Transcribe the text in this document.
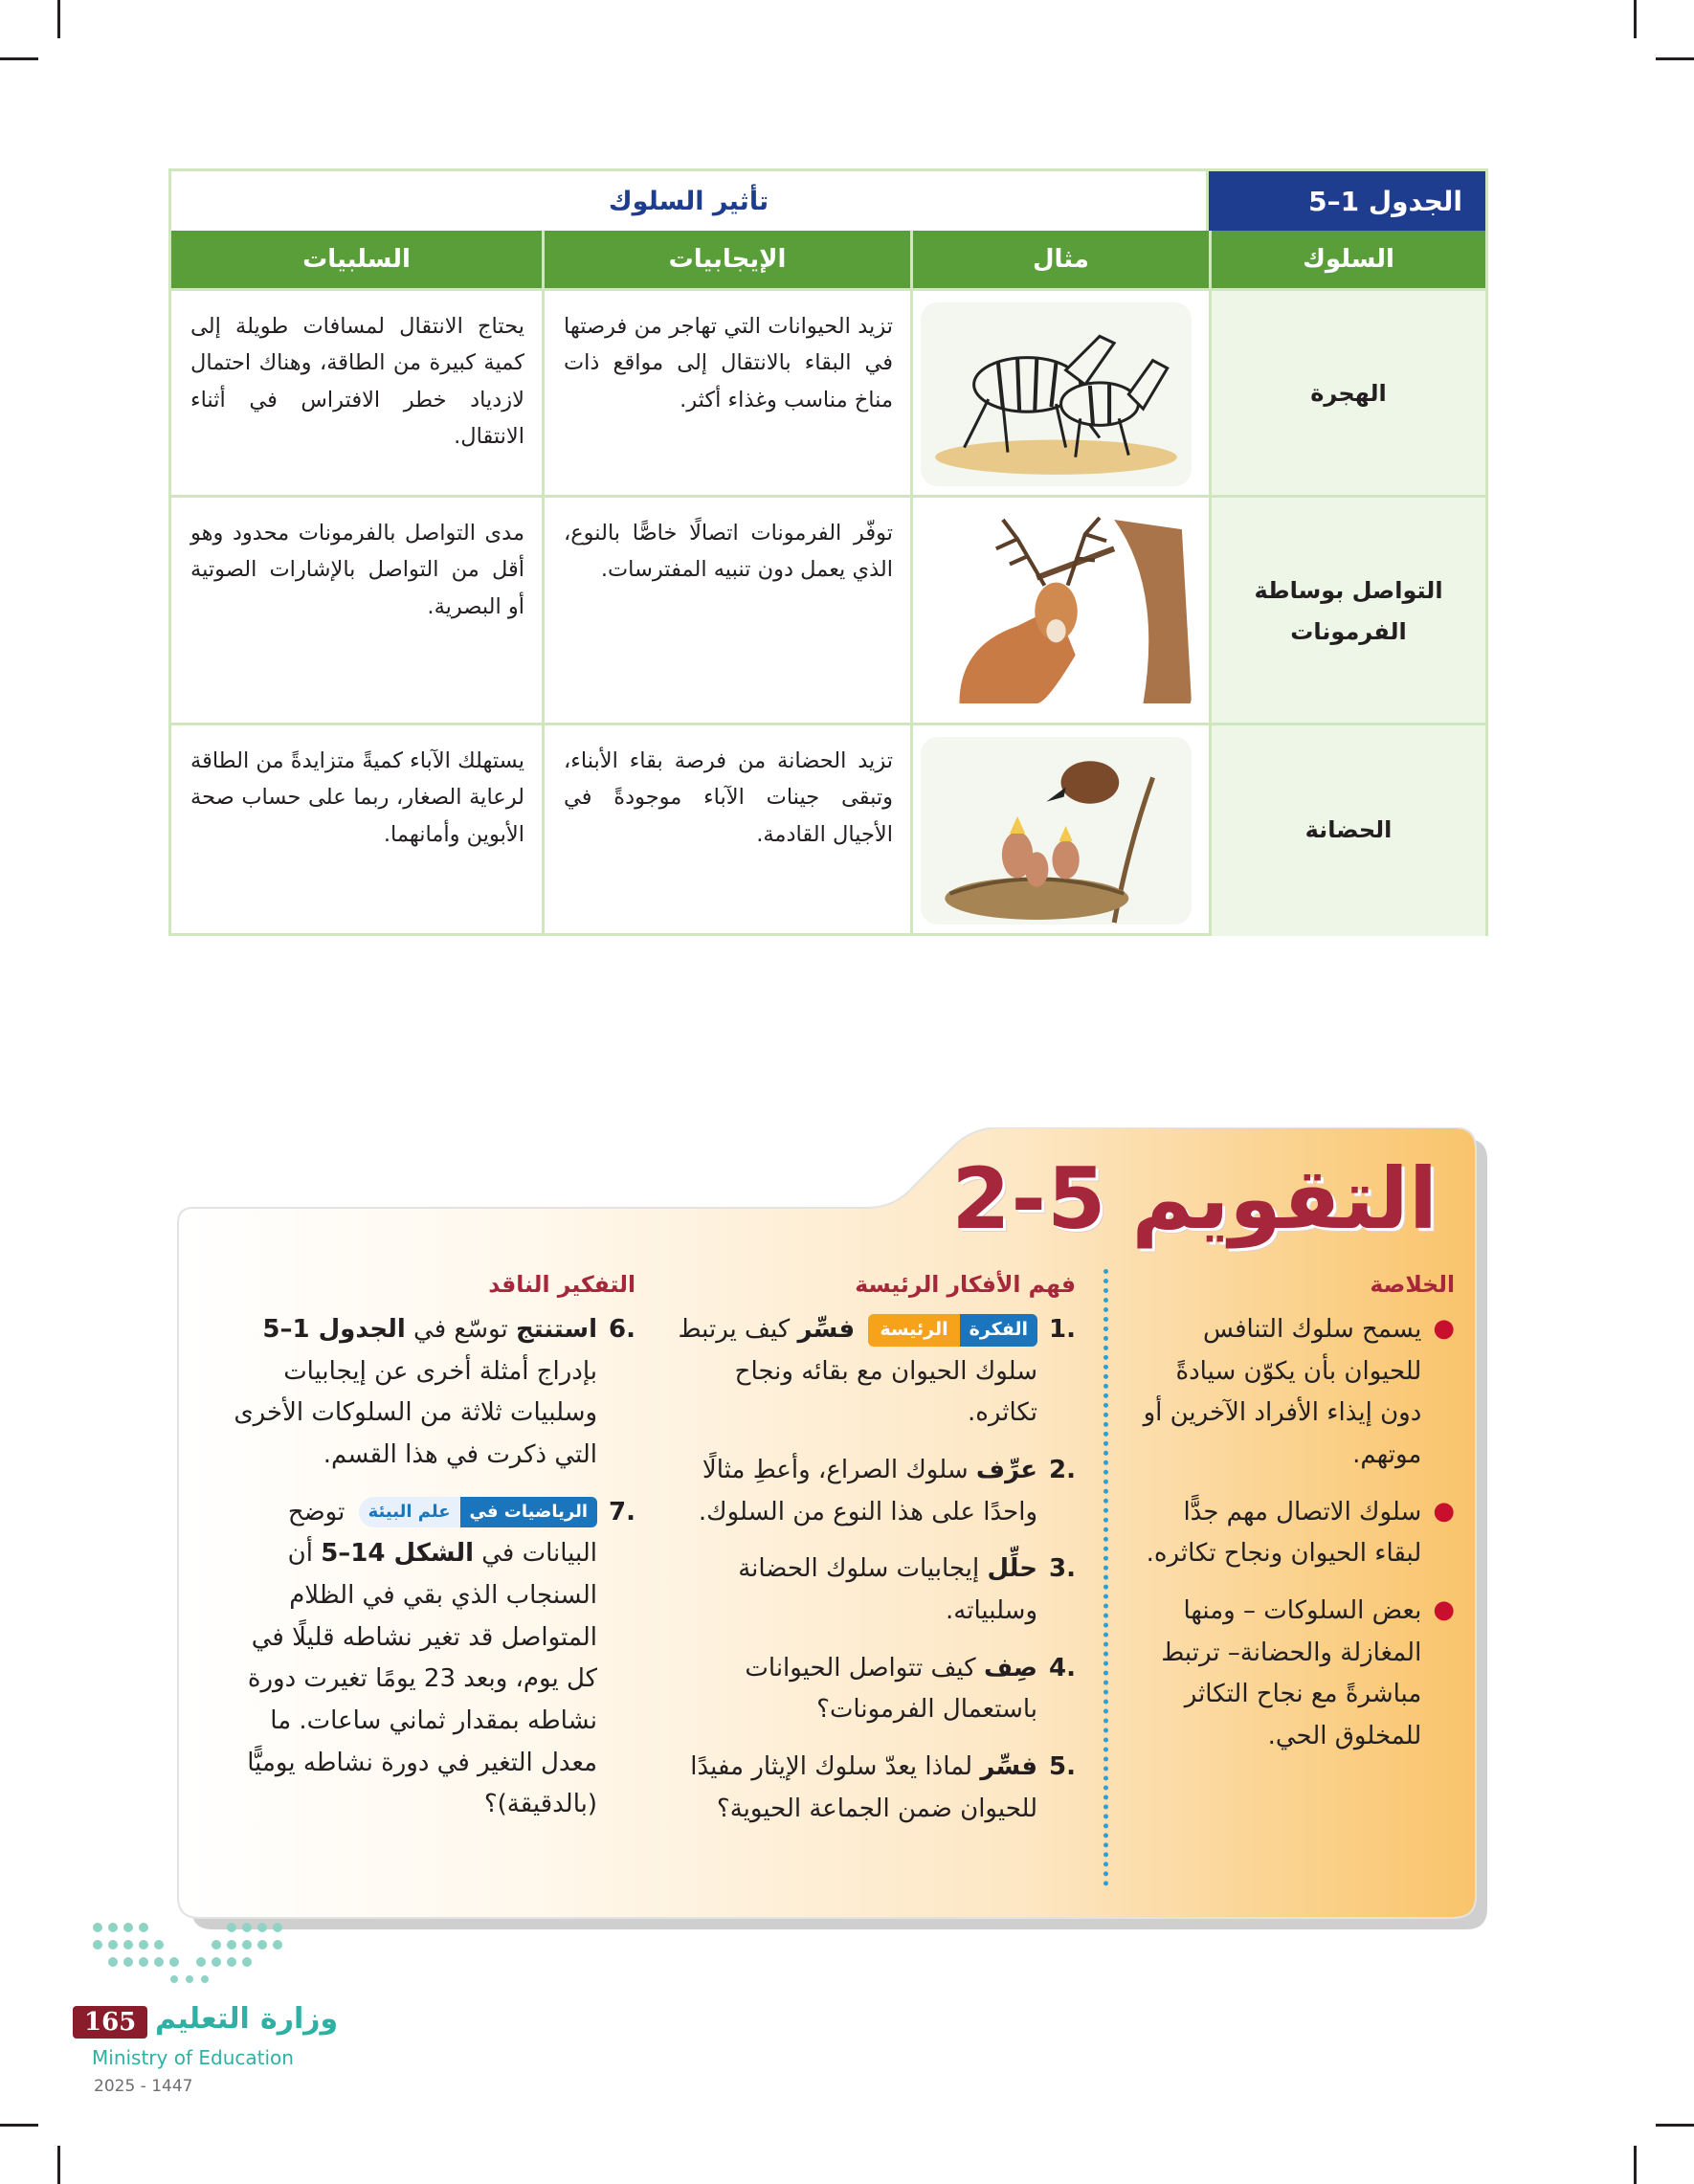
الجدول 1–5
تأثير السلوك
السلوك
مثال
الإيجابيات
السلبيات
الهجرة
تزيد الحيوانات التي تهاجر من فرصتها في البقاء بالانتقال إلى مواقع ذات مناخ مناسب وغذاء أكثر.
يحتاج الانتقال لمسافات طويلة إلى كمية كبيرة من الطاقة، وهناك احتمال لازدياد خطر الافتراس في أثناء الانتقال.
التواصل بوساطة الفرمونات
توفّر الفرمونات اتصالًا خاصًّا بالنوع، الذي يعمل دون تنبيه المفترسات.
مدى التواصل بالفرمونات محدود وهو أقل من التواصل بالإشارات الصوتية أو البصرية.
الحضانة
تزيد الحضانة من فرصة بقاء الأبناء، وتبقى جينات الآباء موجودةً في الأجيال القادمة.
يستهلك الآباء كميةً متزايدةً من الطاقة لرعاية الصغار، ربما على حساب صحة الأبوين وأمانهما.
التقويم
2-5
الخلاصة
●
يسمح سلوك التنافس للحيوان بأن يكوّن سيادةً دون إيذاء الأفراد الآخرين أو موتهم.
●
سلوك الاتصال مهم جدًّا لبقاء الحيوان ونجاح تكاثره.
●
بعض السلوكات – ومنها المغازلة والحضانة– ترتبط مباشرةً مع نجاح التكاثر للمخلوق الحي.
فهم الأفكار الرئيسة
1.
الفكرة
الرئيسة
فسِّر كيف يرتبط سلوك الحيوان مع بقائه ونجاح تكاثره.
2.
عرِّف سلوك الصراع، وأعطِ مثالًا واحدًا على هذا النوع من السلوك.
3.
حلِّل إيجابيات سلوك الحضانة وسلبياته.
4.
صِف كيف تتواصل الحيوانات باستعمال الفرمونات؟
5.
فسِّر لماذا يعدّ سلوك الإيثار مفيدًا للحيوان ضمن الجماعة الحيوية؟
التفكير الناقد
6.
استنتج توسّع في الجدول 1–5 بإدراج أمثلة أخرى عن إيجابيات وسلبيات ثلاثة من السلوكات الأخرى التي ذكرت في هذا القسم.
7.
الرياضيات في
علم البيئة
توضح البيانات في الشكل 14–5 أن السنجاب الذي بقي في الظلام المتواصل قد تغير نشاطه قليلًا في كل يوم، وبعد 23 يومًا تغيرت دورة نشاطه بمقدار ثماني ساعات. ما معدل التغير في دورة نشاطه يوميًّا (بالدقيقة)؟
وزارة
التعليم
165
Ministry of Education
2025 - 1447
